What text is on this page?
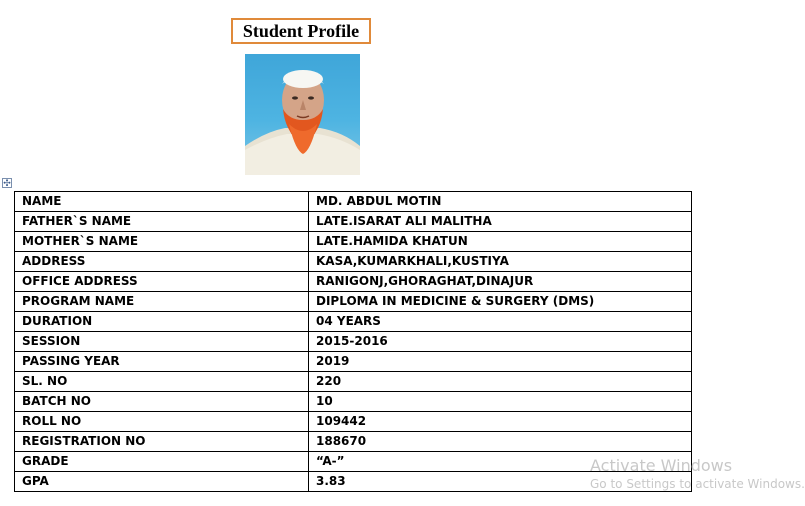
Student Profile
✣
NAME	MD. ABDUL MOTIN
FATHER`S NAME	LATE.ISARAT ALI MALITHA
MOTHER`S NAME	LATE.HAMIDA KHATUN
ADDRESS	KASA,KUMARKHALI,KUSTIYA
OFFICE ADDRESS	RANIGONJ,GHORAGHAT,DINAJUR
PROGRAM NAME	DIPLOMA IN MEDICINE & SURGERY (DMS)
DURATION	04 YEARS
SESSION	2015-2016
PASSING YEAR	2019
SL. NO	220
BATCH NO	10
ROLL NO	109442
REGISTRATION NO	188670
GRADE	“A-”
GPA	3.83
Activate Windows
Go to Settings to activate Windows.
